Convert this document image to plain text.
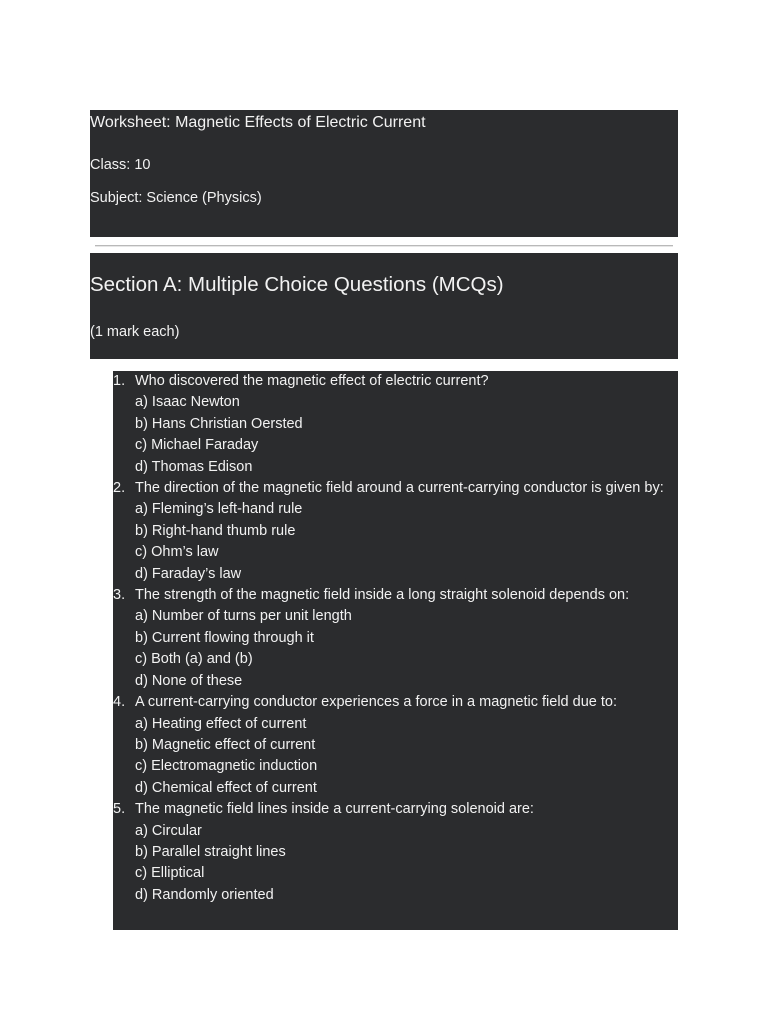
Worksheet: Magnetic Effects of Electric Current
Class: 10
Subject: Science (Physics)
Section A: Multiple Choice Questions (MCQs)
(1 mark each)
1. Who discovered the magnetic effect of electric current?
a) Isaac Newton
b) Hans Christian Oersted
c) Michael Faraday
d) Thomas Edison
2. The direction of the magnetic field around a current-carrying conductor is given by:
a) Fleming’s left-hand rule
b) Right-hand thumb rule
c) Ohm’s law
d) Faraday’s law
3. The strength of the magnetic field inside a long straight solenoid depends on:
a) Number of turns per unit length
b) Current flowing through it
c) Both (a) and (b)
d) None of these
4. A current-carrying conductor experiences a force in a magnetic field due to:
a) Heating effect of current
b) Magnetic effect of current
c) Electromagnetic induction
d) Chemical effect of current
5. The magnetic field lines inside a current-carrying solenoid are:
a) Circular
b) Parallel straight lines
c) Elliptical
d) Randomly oriented
